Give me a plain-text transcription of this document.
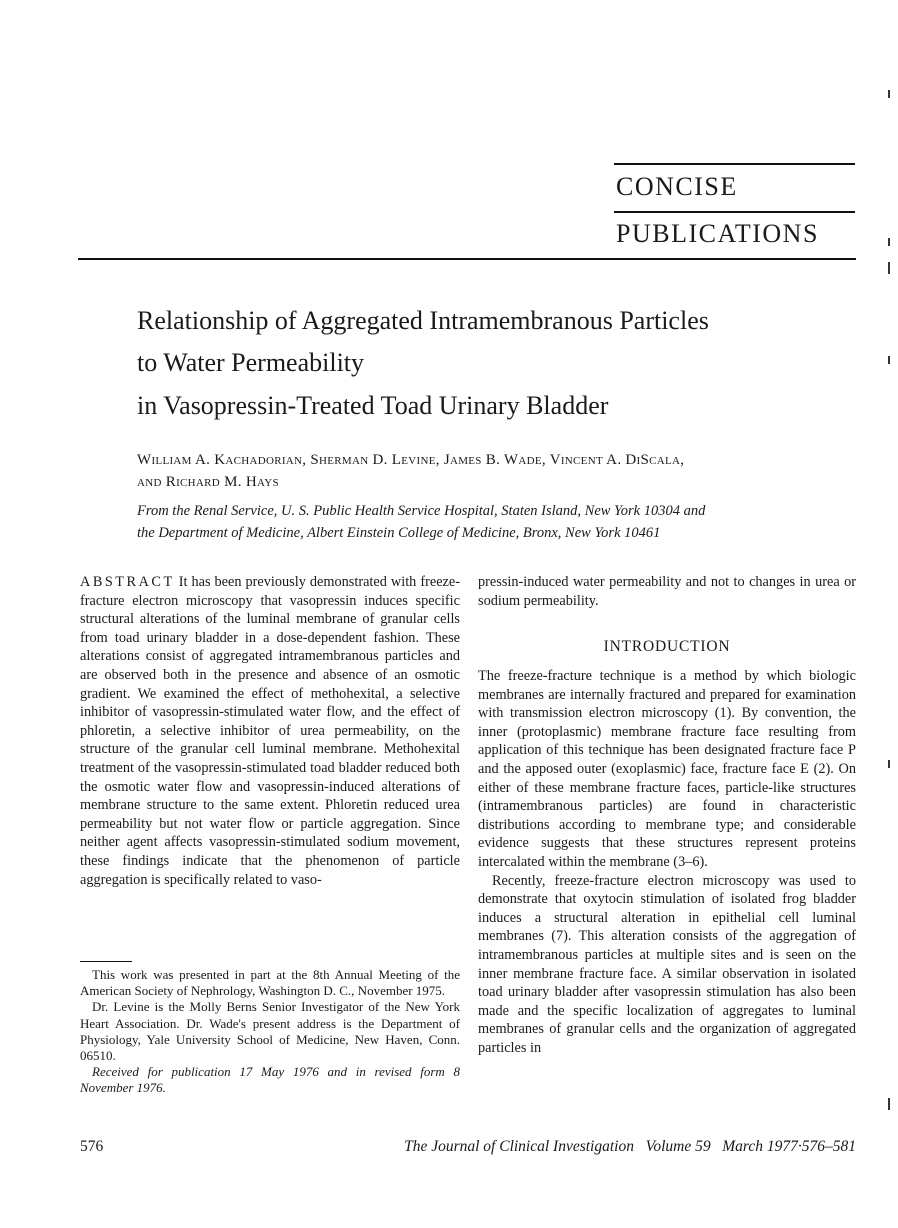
CONCISE
PUBLICATIONS
Relationship of Aggregated Intramembranous Particles
to Water Permeability
in Vasopressin-Treated Toad Urinary Bladder
William A. Kachadorian, Sherman D. Levine, James B. Wade, Vincent A. DiScala,
and Richard M. Hays
From the Renal Service, U. S. Public Health Service Hospital, Staten Island, New York 10304 and
the Department of Medicine, Albert Einstein College of Medicine, Bronx, New York 10461

ABSTRACT It has been previously demonstrated with freeze-fracture electron microscopy that vasopressin induces specific structural alterations of the luminal membrane of granular cells from toad urinary bladder in a dose-dependent fashion. These alterations consist of aggregated intramembranous particles and are observed both in the presence and absence of an osmotic gradient. We examined the effect of methohexital, a selective inhibitor of vasopressin-stimulated water flow, and the effect of phloretin, a selective inhibitor of urea permeability, on the structure of the granular cell luminal membrane. Methohexital treatment of the vasopressin-stimulated toad bladder reduced both the osmotic water flow and vasopressin-induced alterations of membrane structure to the same extent. Phloretin reduced urea permeability but not water flow or particle aggregation. Since neither agent affects vasopressin-stimulated sodium movement, these findings indicate that the phenomenon of particle aggregation is specifically related to vaso-

pressin-induced water permeability and not to changes in urea or sodium permeability.

INTRODUCTION

The freeze-fracture technique is a method by which biologic membranes are internally fractured and prepared for examination with transmission electron microscopy (1). By convention, the inner (protoplasmic) membrane fracture face resulting from application of this technique has been designated fracture face P and the apposed outer (exoplasmic) face, fracture face E (2). On either of these membrane fracture faces, particle-like structures (intramembranous particles) are found in characteristic distributions according to membrane type; and considerable evidence suggests that these structures represent proteins intercalated within the membrane (3–6).

Recently, freeze-fracture electron microscopy was used to demonstrate that oxytocin stimulation of isolated frog bladder induces a structural alteration in epithelial cell luminal membranes (7). This alteration consists of the aggregation of intramembranous particles at multiple sites and is seen on the inner membrane fracture face. A similar observation in isolated toad urinary bladder after vasopressin stimulation has also been made and the specific localization of aggregates to luminal membranes of granular cells and the organization of aggregated particles in

This work was presented in part at the 8th Annual Meeting of the American Society of Nephrology, Washington D. C., November 1975.

Dr. Levine is the Molly Berns Senior Investigator of the New York Heart Association. Dr. Wade's present address is the Department of Physiology, Yale University School of Medicine, New Haven, Conn. 06510.

Received for publication 17 May 1976 and in revised form 8 November 1976.

576	The Journal of Clinical Investigation Volume 59 March 1977·576–581
